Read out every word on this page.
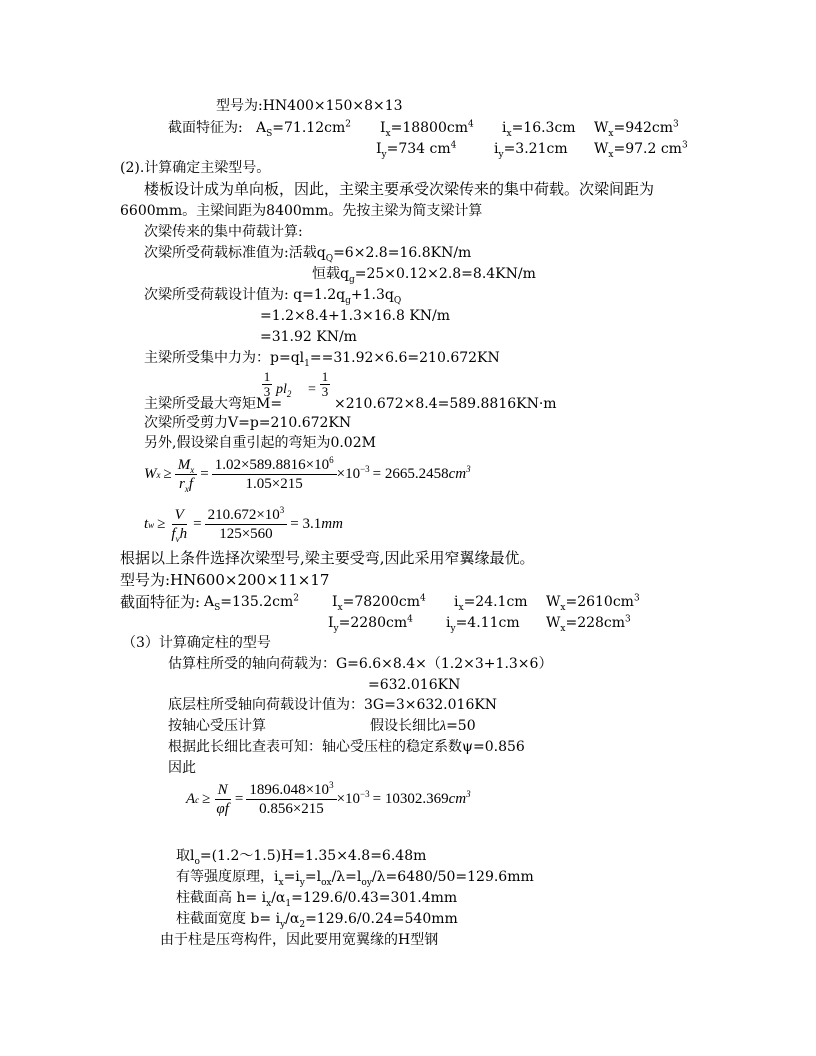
型号为:HN400×150×8×13
截面特征为: $A_S=71.12cm^2$ $I_x=18800cm^4$ $i_x=16.3cm$ $W_x=942cm^3$
$I_y=734$ $cm^4$	$i_y=3.21cm$ $W_x=97.2$ $cm^3$
(2).计算确定主梁型号。
楼板设计成为单向板，因此，主梁主要承受次梁传来的集中荷载。次梁间距为
6600mm。主梁间距为8400mm。先按主梁为简支梁计算
次梁传来的集中荷载计算:
次梁所受荷载标准值为:活载$q_Q=6\times 2.8=16.8KN/m$
恒载$q_g=25\times 0.12\times 2.8=8.4KN/m$
次梁所受荷载设计值为: $q=1.2q_g+1.3q_Q$
=1.2×8.4+1.3×16.8 KN/m
=31.92 KN/m
主梁所受集中力为：$p=ql_1==31.92\times 6.6=210.672KN$
主梁所受最大弯矩M=
1
3 $pl_2$ =
1
3
×210.672×8.4=589.8816KN·m
次梁所受剪力V=p=210.672KN
另外,假设梁自重引起的弯矩为0.02M
W $x \ge \frac{M_x}{r_xf} = \frac{1.02\times 589.8816\times 10^6}{1.05\times 215} \times 10^{-3} = 2665.2458$ $cm^3$
t $w \ge \frac{V}{f_vh} = \frac{210.672\times 10^3}{125\times 560} = 3.1$ mm
根据以上条件选择次梁型号,梁主要受弯,因此采用窄翼缘最优。
型号为:HN600×200×11×17
截面特征为: $A_S=135.2cm^2$ $I_x=78200cm^4$ $i_x=24.1cm$ $W_x=2610cm^3$
$I_y=2280cm^4$ $i_y=4.11cm$ $W_x=228cm^3$
（3）计算确定柱的型号
估算柱所受的轴向荷载为：G=6.6×8.4×（1.2×3+1.3×6）
=632.016KN
底层柱所受轴向荷载设计值为：3G=3×632.016KN
按轴心受压计算	假设长细比λ=50
根据此长细比查表可知：轴心受压柱的稳定系数ψ=0.856
因此
A $c \ge \frac{N}{\varphi f} = \frac{1896.048\times 10^3}{0.856\times 215} \times 10^{-3} = 10302.369$ $cm^3$
取$l_o=(1.2\sim 1.5)H=1.35\times 4.8=6.48m$
有等强度原理，$i_x=i_y=l_{ox}/\lambda=l_{oy}/\lambda=6480/50=129.6mm$
柱截面高 $h= i_x/\alpha_1=129.6/0.43=301.4mm$
柱截面宽度 $b= i_y/\alpha_2=129.6/0.24=540mm$
由于柱是压弯构件，因此要用宽翼缘的H型钢
